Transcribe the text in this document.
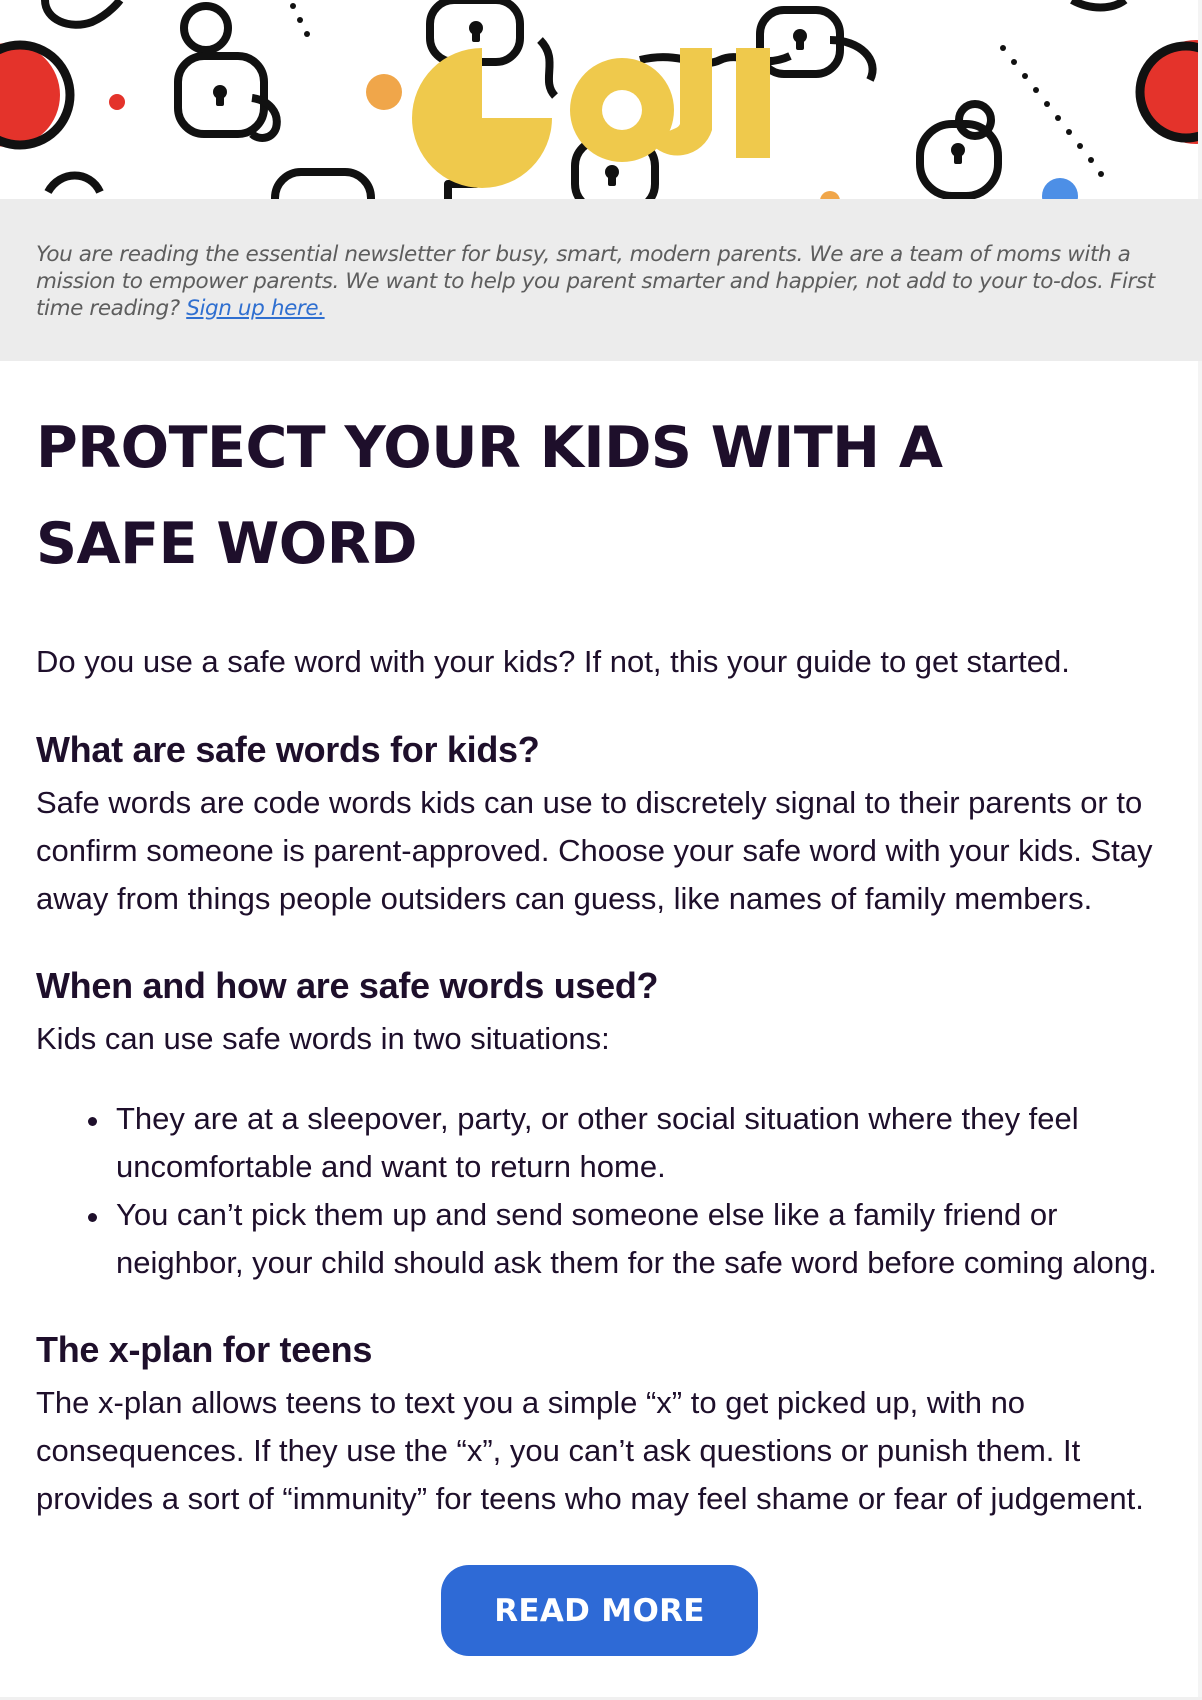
You are reading the essential newsletter for busy, smart, modern parents. We are a team of moms with a mission to empower parents. We want to help you parent smarter and happier, not add to your to-dos. First time reading? Sign up here.

PROTECT YOUR KIDS WITH A SAFE WORD

Do you use a safe word with your kids? If not, this your guide to get started.

What are safe words for kids?

Safe words are code words kids can use to discretely signal to their parents or to confirm someone is parent-approved. Choose your safe word with your kids. Stay away from things people outsiders can guess, like names of family members.

When and how are safe words used?

Kids can use safe words in two situations:

They are at a sleepover, party, or other social situation where they feel uncomfortable and want to return home.
You can’t pick them up and send someone else like a family friend or neighbor, your child should ask them for the safe word before coming along.
The x-plan for teens

The x-plan allows teens to text you a simple “x” to get picked up, with no consequences. If they use the “x”, you can’t ask questions or punish them. It provides a sort of “immunity” for teens who may feel shame or fear of judgement.

READ MORE
